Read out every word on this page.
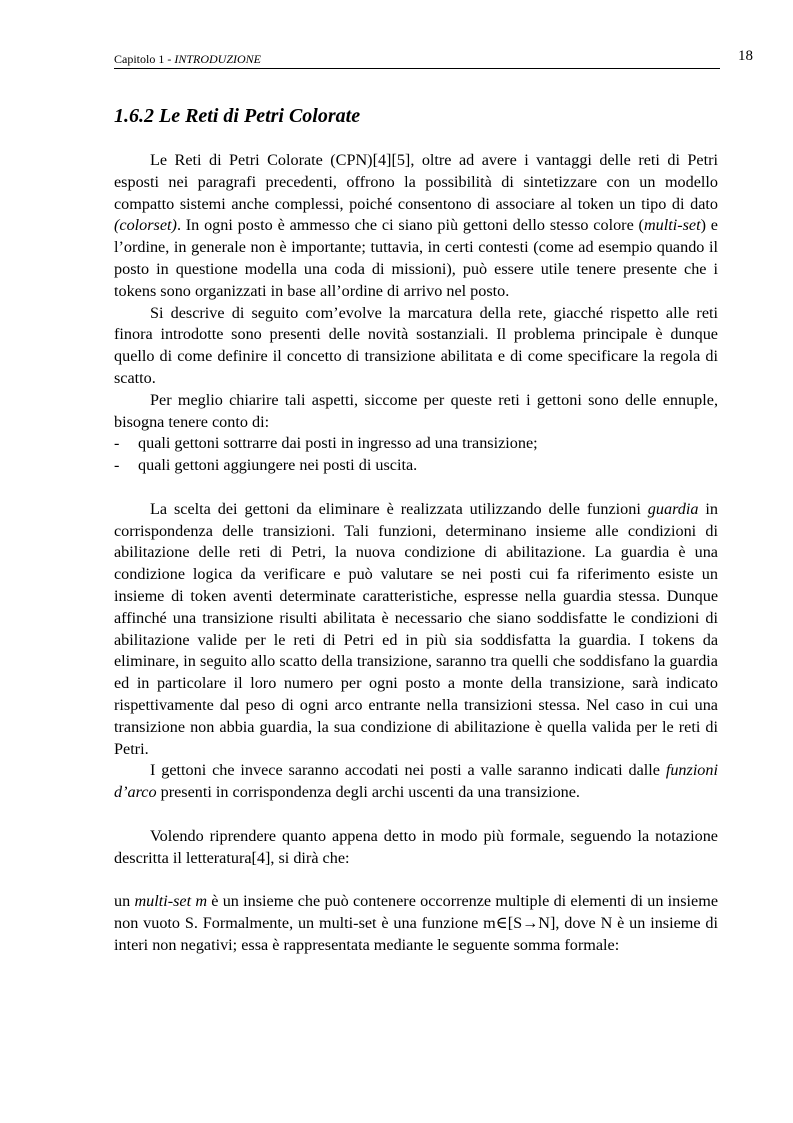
Capitolo 1 - INTRODUZIONE	18
1.6.2 Le Reti di Petri Colorate

Le Reti di Petri Colorate (CPN)[4][5], oltre ad avere i vantaggi delle reti di Petri esposti nei paragrafi precedenti, offrono la possibilità di sintetizzare con un modello compatto sistemi anche complessi, poiché consentono di associare al token un tipo di dato (colorset). In ogni posto è ammesso che ci siano più gettoni dello stesso colore (multi-set) e l’ordine, in generale non è importante; tuttavia, in certi contesti (come ad esempio quando il posto in questione modella una coda di missioni), può essere utile tenere presente che i tokens sono organizzati in base all’ordine di arrivo nel posto.

Si descrive di seguito com’evolve la marcatura della rete, giacché rispetto alle reti finora introdotte sono presenti delle novità sostanziali. Il problema principale è dunque quello di come definire il concetto di transizione abilitata e di come specificare la regola di scatto.

Per meglio chiarire tali aspetti, siccome per queste reti i gettoni sono delle ennuple, bisogna tenere conto di:

- quali gettoni sottrarre dai posti in ingresso ad una transizione;
- quali gettoni aggiungere nei posti di uscita.

La scelta dei gettoni da eliminare è realizzata utilizzando delle funzioni guardia in corrispondenza delle transizioni. Tali funzioni, determinano insieme alle condizioni di abilitazione delle reti di Petri, la nuova condizione di abilitazione. La guardia è una condizione logica da verificare e può valutare se nei posti cui fa riferimento esiste un insieme di token aventi determinate caratteristiche, espresse nella guardia stessa. Dunque affinché una transizione risulti abilitata è necessario che siano soddisfatte le condizioni di abilitazione valide per le reti di Petri ed in più sia soddisfatta la guardia. I tokens da eliminare, in seguito allo scatto della transizione, saranno tra quelli che soddisfano la guardia ed in particolare il loro numero per ogni posto a monte della transizione, sarà indicato rispettivamente dal peso di ogni arco entrante nella transizioni stessa. Nel caso in cui una transizione non abbia guardia, la sua condizione di abilitazione è quella valida per le reti di Petri.

I gettoni che invece saranno accodati nei posti a valle saranno indicati dalle funzioni d’arco presenti in corrispondenza degli archi uscenti da una transizione.

Volendo riprendere quanto appena detto in modo più formale, seguendo la notazione descritta il letteratura[4], si dirà che:

un multi-set m è un insieme che può contenere occorrenze multiple di elementi di un insieme non vuoto S. Formalmente, un multi-set è una funzione m∈[S→N], dove N è un insieme di interi non negativi; essa è rappresentata mediante le seguente somma formale:
